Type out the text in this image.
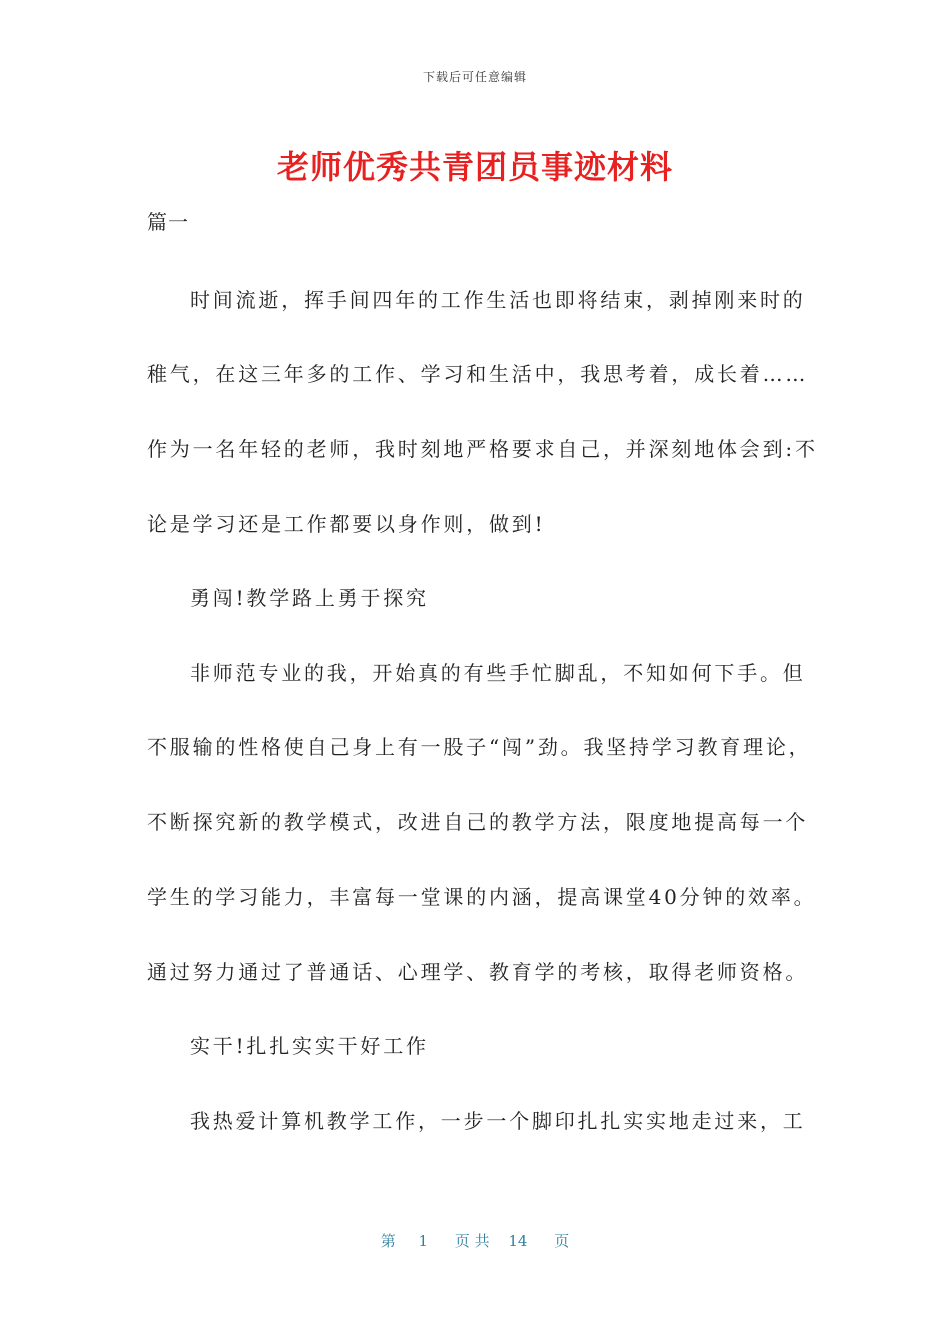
下载后可任意编辑
老师优秀共青团员事迹材料
篇一
时间流逝，挥手间四年的工作生活也即将结束，剥掉刚来时的
稚气，在这三年多的工作、学习和生活中，我思考着，成长着……
作为一名年轻的老师，我时刻地严格要求自己，并深刻地体会到:不
论是学习还是工作都要以身作则，做到!
勇闯!教学路上勇于探究
非师范专业的我，开始真的有些手忙脚乱，不知如何下手。但
不服输的性格使自己身上有一股子“闯”劲。我坚持学习教育理论，
不断探究新的教学模式，改进自己的教学方法，限度地提高每一个
学生的学习能力，丰富每一堂课的内涵，提高课堂40分钟的效率。
通过努力通过了普通话、心理学、教育学的考核，取得老师资格。
实干!扎扎实实干好工作
我热爱计算机教学工作，一步一个脚印扎扎实实地走过来，工
第 1 页 共 14 页
